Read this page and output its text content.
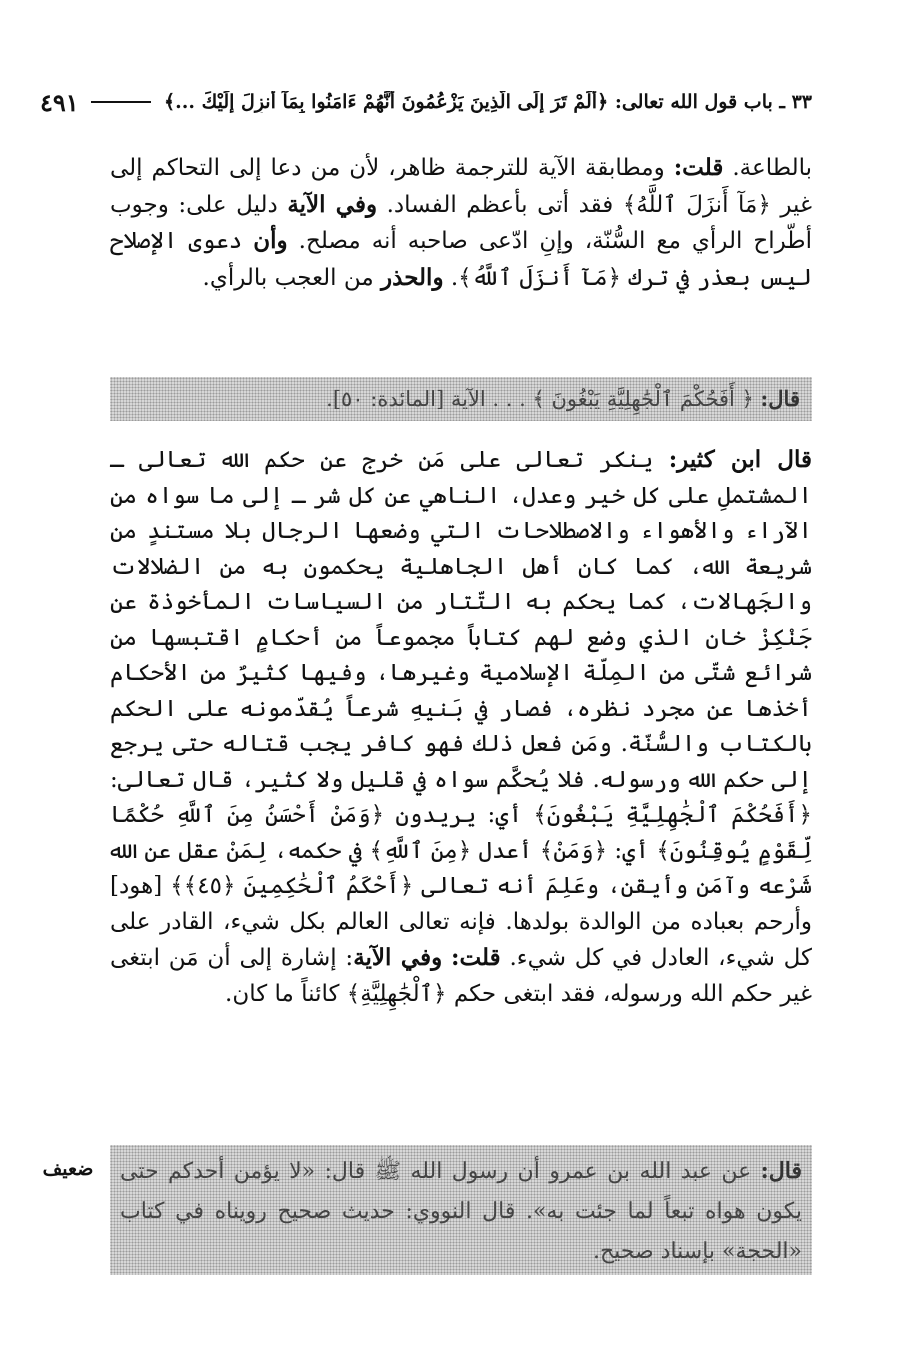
٣٣ ـ باب قول الله تعالى: ﴿أَلَمْ تَرَ إِلَى الَّذِينَ يَزْعُمُونَ أَنَّهُمْ ءَامَنُوا بِمَآ أُنزِلَ إِلَيْكَ ...﴾
٤٩١
بالطاعة. قلت: ومطابقة الآية للترجمة ظاهر، لأن من دعا إلى التحاكم إلى غير ﴿مَآ أَنزَلَ ٱللَّهُ﴾ فقد أتى بأعظم الفساد. وفي الآية دليل على: وجوب أطّراح الرأي مع السُّنّة، وإنِ ادّعى صاحبه أنه مصلح. وأن دعوى الإصلاح ليس بعذر في ترك ﴿مَآ أَنزَلَ ٱللَّهُ﴾. والحذر من العجب بالرأي.
قال: ﴿ أَفَحُكْمَ ٱلْجَٰهِلِيَّةِ يَبْغُونَ ﴾ . . . الآية [المائدة: ٥٠].
قال ابن كثير: ينكر تعالى على مَن خرج عن حكم الله تعالى ـ المشتملِ على كل خير وعدل، الناهي عن كل شر ـ إلى ما سواه من الآراء والأهواء والاصطلاحات التي وضعها الرجال بلا مستندٍ من شريعة الله، كما كان أهل الجاهلية يحكمون به من الضلالات والجَهالات، كما يحكم به التّتار من السياسات المأخوذة عن جَنْكِزْ خان الذي وضع لهم كتاباً مجموعاً من أحكامٍ اقتبسها من شرائع شتّى من المِلّة الإسلامية وغيرها، وفيها كثيرٌ من الأحكام أخذها عن مجرد نظره، فصار في بَنيهِ شرعاً يُقدّمونه على الحكم بالكتاب والسُّنّة. ومَن فعل ذلك فهو كافر يجب قتاله حتى يرجع إلى حكم الله ورسوله. فلا يُحكَّم سواه في قليل ولا كثير، قال تعالى: ﴿أَفَحُكْمَ ٱلْجَٰهِلِيَّةِ يَبْغُونَ﴾ أي: يريدون ﴿وَمَنْ أَحْسَنُ مِنَ ٱللَّهِ حُكْمًا لِّقَوْمٍ يُوقِنُونَ﴾ أي: ﴿وَمَنْ﴾ أعدل ﴿مِنَ ٱللَّهِ﴾ في حكمه، لِمَنْ عقل عن الله شَرْعه وآمَن وأيقن، وعَلِمَ أنه تعالى ﴿أَحْكَمُ ٱلْحَٰكِمِينَ ﴿٤٥﴾﴾ [هود] وأرحم بعباده من الوالدة بولدها. فإنه تعالى العالم بكل شيء، القادر على كل شيء، العادل في كل شيء. قلت: وفي الآية: إشارة إلى أن مَن ابتغى غير حكم الله ورسوله، فقد ابتغى حكم ﴿ٱلْجَٰهِلِيَّةِ﴾ كائناً ما كان.
ضعيف	قال: عن عبد الله بن عمرو أن رسول الله ﷺ قال: «لا يؤمن أحدكم حتى يكون هواه تبعاً لما جئت به». قال النووي: حديث صحيح رويناه في كتاب «الحجة» بإسناد صحيح.
